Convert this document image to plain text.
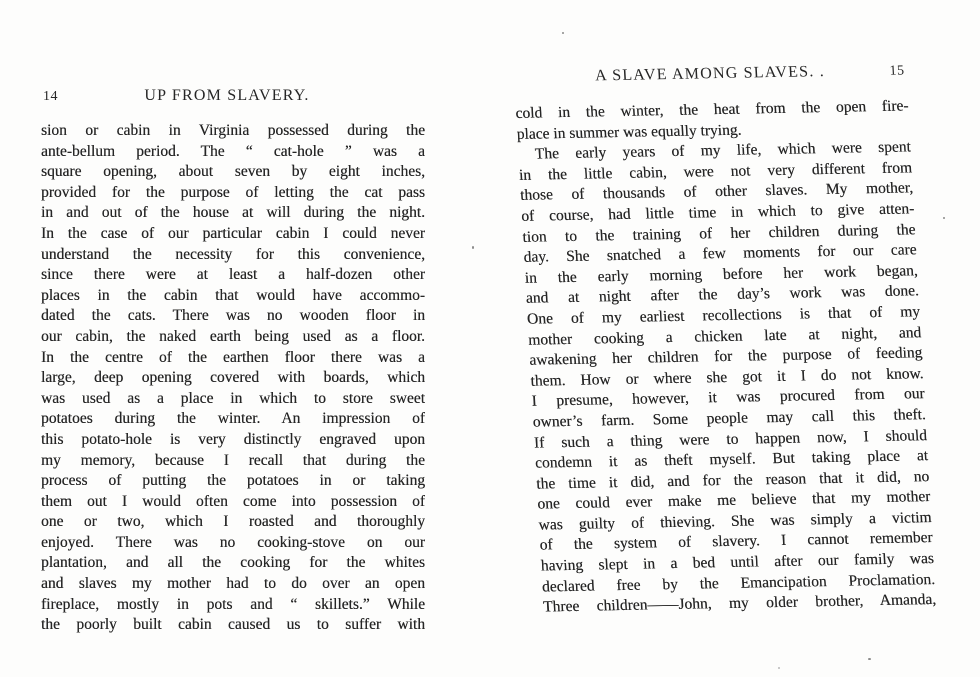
14	UP FROM SLAVERY.
sion or cabin in Virginia possessed during the
ante-bellum period. The “ cat-hole ” was a
square opening, about seven by eight inches,
provided for the purpose of letting the cat pass
in and out of the house at will during the night.
In the case of our particular cabin I could never
understand the necessity for this convenience,
since there were at least a half-dozen other
places in the cabin that would have accommo-
dated the cats. There was no wooden floor in
our cabin, the naked earth being used as a floor.
In the centre of the earthen floor there was a
large, deep opening covered with boards, which
was used as a place in which to store sweet
potatoes during the winter. An impression of
this potato-hole is very distinctly engraved upon
my memory, because I recall that during the
process of putting the potatoes in or taking
them out I would often come into possession of
one or two, which I roasted and thoroughly
enjoyed. There was no cooking-stove on our
plantation, and all the cooking for the whites
and slaves my mother had to do over an open
fireplace, mostly in pots and “ skillets.” While
the poorly built cabin caused us to suffer with
A SLAVE AMONG SLAVES. .	15
cold in the winter, the heat from the open fire-
place in summer was equally trying.
The early years of my life, which were spent
in the little cabin, were not very different from
those of thousands of other slaves. My mother,
of course, had little time in which to give atten-
tion to the training of her children during the
day. She snatched a few moments for our care
in the early morning before her work began,
and at night after the day’s work was done.
One of my earliest recollections is that of my
mother cooking a chicken late at night, and
awakening her children for the purpose of feeding
them. How or where she got it I do not know.
I presume, however, it was procured from our
owner’s farm. Some people may call this theft.
If such a thing were to happen now, I should
condemn it as theft myself. But taking place at
the time it did, and for the reason that it did, no
one could ever make me believe that my mother
was guilty of thieving. She was simply a victim
of the system of slavery. I cannot remember
having slept in a bed until after our family was
declared free by the Emancipation Proclamation.
Three children——John, my older brother, Amanda,
